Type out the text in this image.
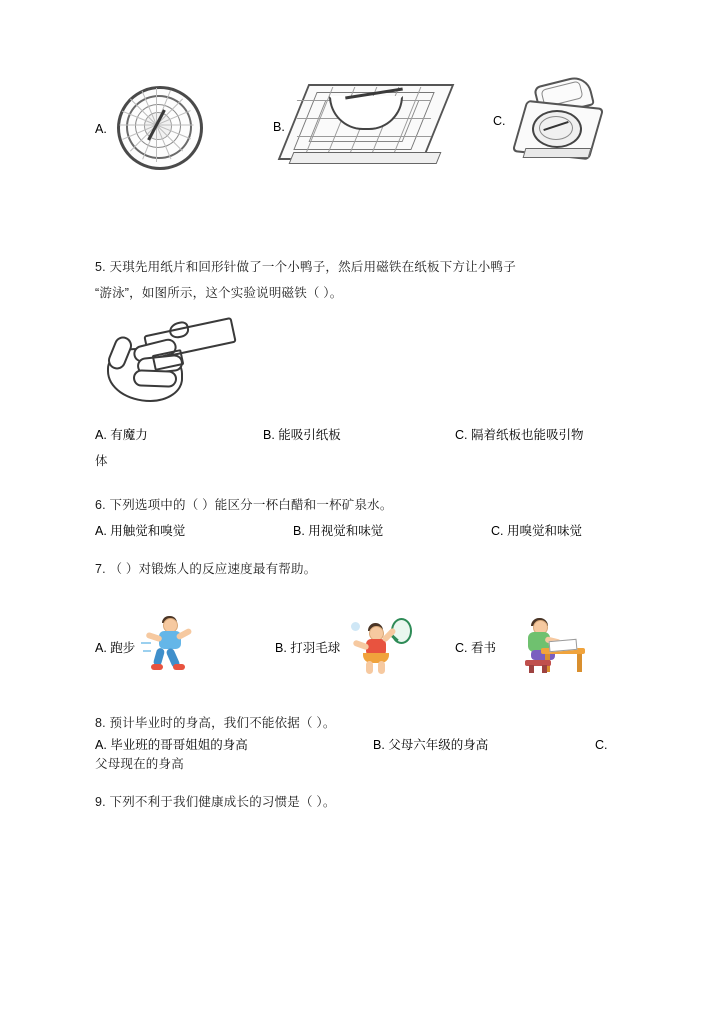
A.	B.	C.
5. 天琪先用纸片和回形针做了一个小鸭子，然后用磁铁在纸板下方让小鸭子
“游泳”，如图所示，这个实验说明磁铁（ ）。
A. 有魔力	B. 能吸引纸板	C. 隔着纸板也能吸引物
体
6. 下列选项中的（ ）能区分一杯白醋和一杯矿泉水。
A. 用触觉和嗅觉	B. 用视觉和味觉	C. 用嗅觉和味觉
7. （ ）对锻炼人的反应速度最有帮助。
A. 跑步	B. 打羽毛球	C. 看书
8. 预计毕业时的身高，我们不能依据（ ）。
A. 毕业班的哥哥姐姐的身高	B. 父母六年级的身高	C.
父母现在的身高
9. 下列不利于我们健康成长的习惯是（ ）。
